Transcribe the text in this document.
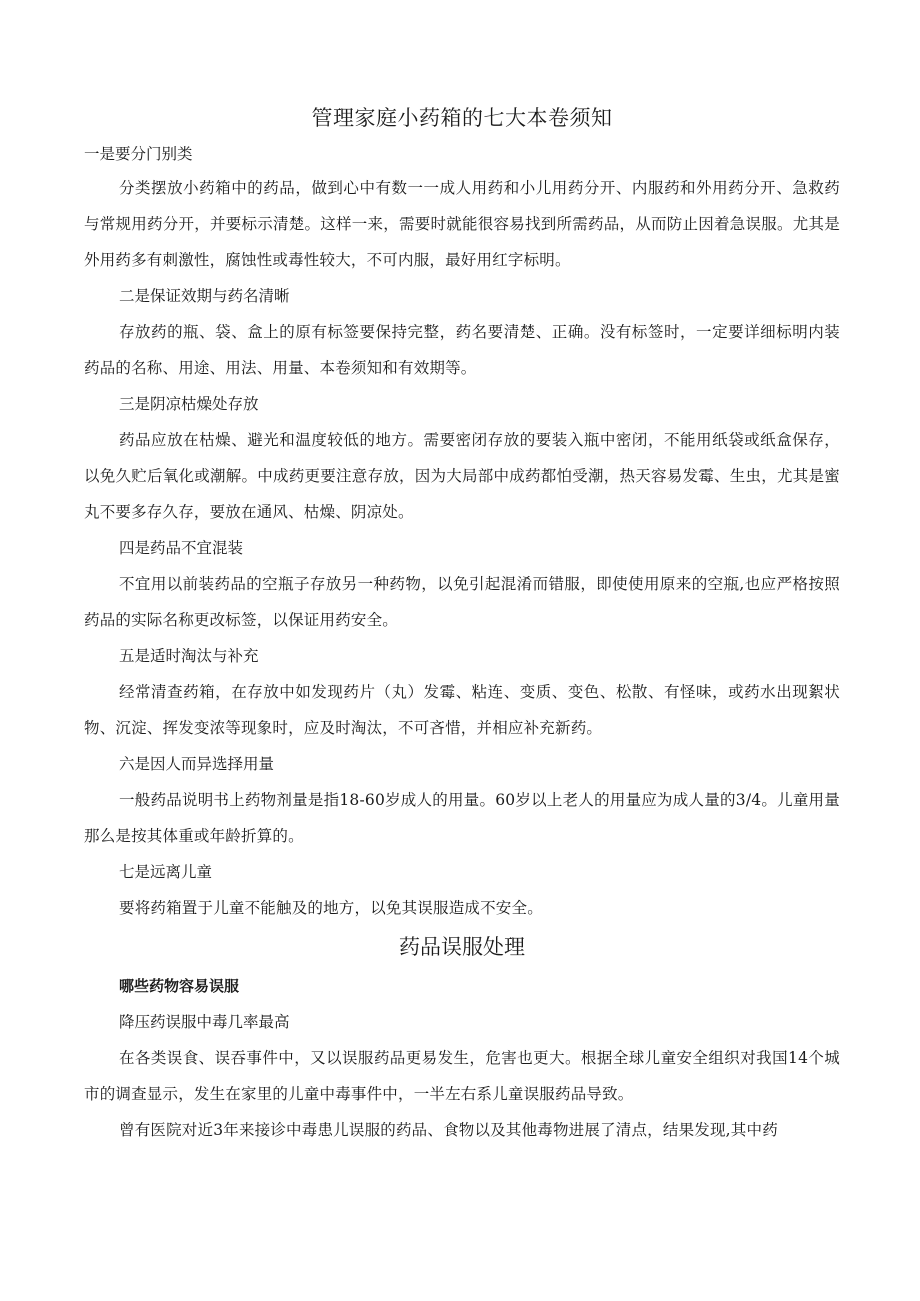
管理家庭小药箱的七大本卷须知
一是要分门别类

分类摆放小药箱中的药品，做到心中有数一一成人用药和小儿用药分开、内服药和外用药分开、急救药与常规用药分开，并要标示清楚。这样一来，需要时就能很容易找到所需药品，从而防止因着急误服。尤其是外用药多有刺激性，腐蚀性或毒性较大，不可内服，最好用红字标明。

二是保证效期与药名清晰

存放药的瓶、袋、盒上的原有标签要保持完整，药名要清楚、正确。没有标签时，一定要详细标明内装药品的名称、用途、用法、用量、本卷须知和有效期等。

三是阴凉枯燥处存放

药品应放在枯燥、避光和温度较低的地方。需要密闭存放的要装入瓶中密闭，不能用纸袋或纸盒保存，以免久贮后氧化或潮解。中成药更要注意存放，因为大局部中成药都怕受潮，热天容易发霉、生虫，尤其是蜜丸不要多存久存，要放在通风、枯燥、阴凉处。

四是药品不宜混装

不宜用以前装药品的空瓶子存放另一种药物，以免引起混淆而错服，即使使用原来的空瓶,也应严格按照药品的实际名称更改标签，以保证用药安全。

五是适时淘汰与补充

经常清查药箱，在存放中如发现药片（丸）发霉、粘连、变质、变色、松散、有怪味，或药水出现絮状物、沉淀、挥发变浓等现象时，应及时淘汰，不可吝惜，并相应补充新药。

六是因人而异选择用量

一般药品说明书上药物剂量是指18-60岁成人的用量。60岁以上老人的用量应为成人量的3/4。儿童用量那么是按其体重或年龄折算的。

七是远离儿童

要将药箱置于儿童不能触及的地方，以免其误服造成不安全。

药品误服处理
哪些药物容易误服
降压药误服中毒几率最高

在各类误食、误吞事件中，又以误服药品更易发生，危害也更大。根据全球儿童安全组织对我国14个城市的调查显示，发生在家里的儿童中毒事件中，一半左右系儿童误服药品导致。

曾有医院对近3年来接诊中毒患儿误服的药品、食物以及其他毒物进展了清点，结果发现,其中药
